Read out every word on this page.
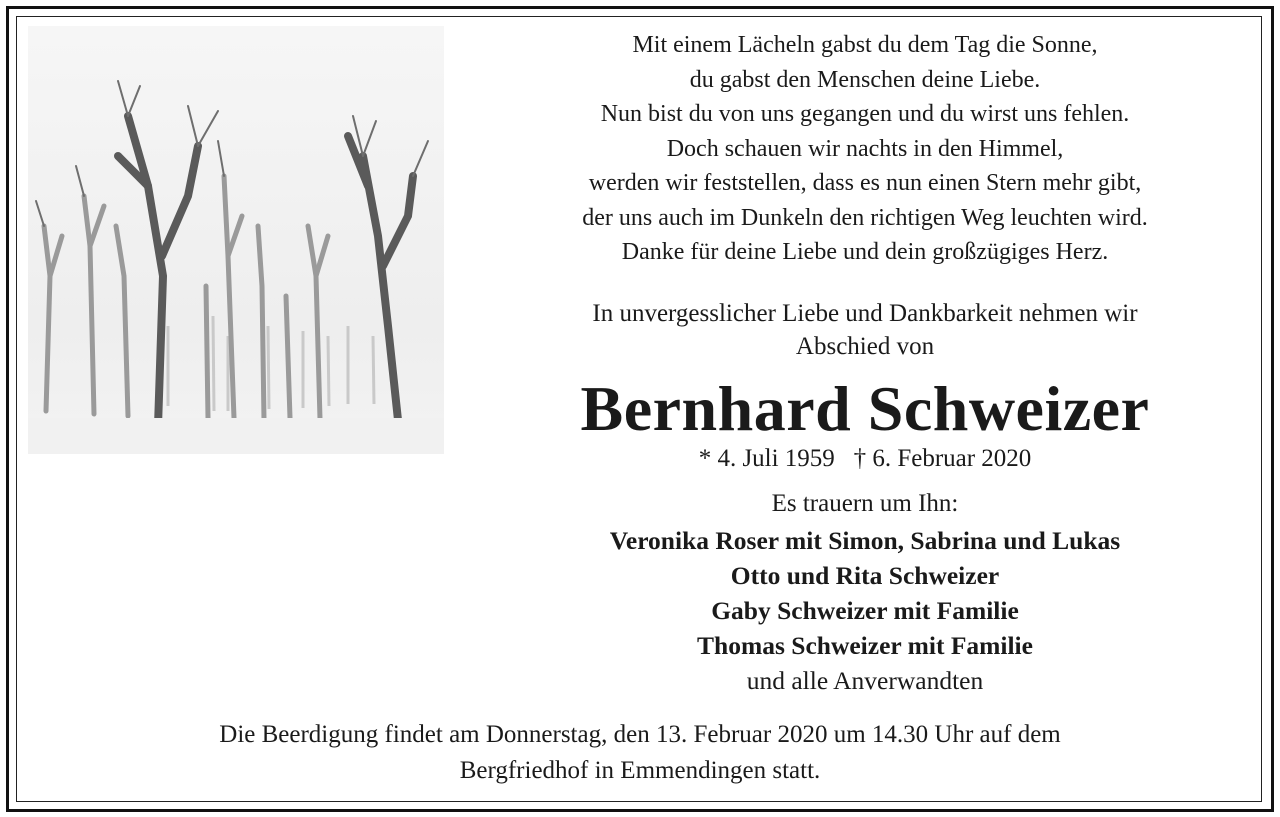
Mit einem Lächeln gabst du dem Tag die Sonne,
du gabst den Menschen deine Liebe.
Nun bist du von uns gegangen und du wirst uns fehlen.
Doch schauen wir nachts in den Himmel,
werden wir feststellen, dass es nun einen Stern mehr gibt,
der uns auch im Dunkeln den richtigen Weg leuchten wird.
Danke für deine Liebe und dein großzügiges Herz.
In unvergesslicher Liebe und Dankbarkeit nehmen wir
Abschied von
Bernhard Schweizer
* 4. Juli 1959 † 6. Februar 2020
Es trauern um Ihn:
Veronika Roser mit Simon, Sabrina und Lukas
Otto und Rita Schweizer
Gaby Schweizer mit Familie
Thomas Schweizer mit Familie
und alle Anverwandten
Die Beerdigung findet am Donnerstag, den 13. Februar 2020 um 14.30 Uhr auf dem
Bergfriedhof in Emmendingen statt.
